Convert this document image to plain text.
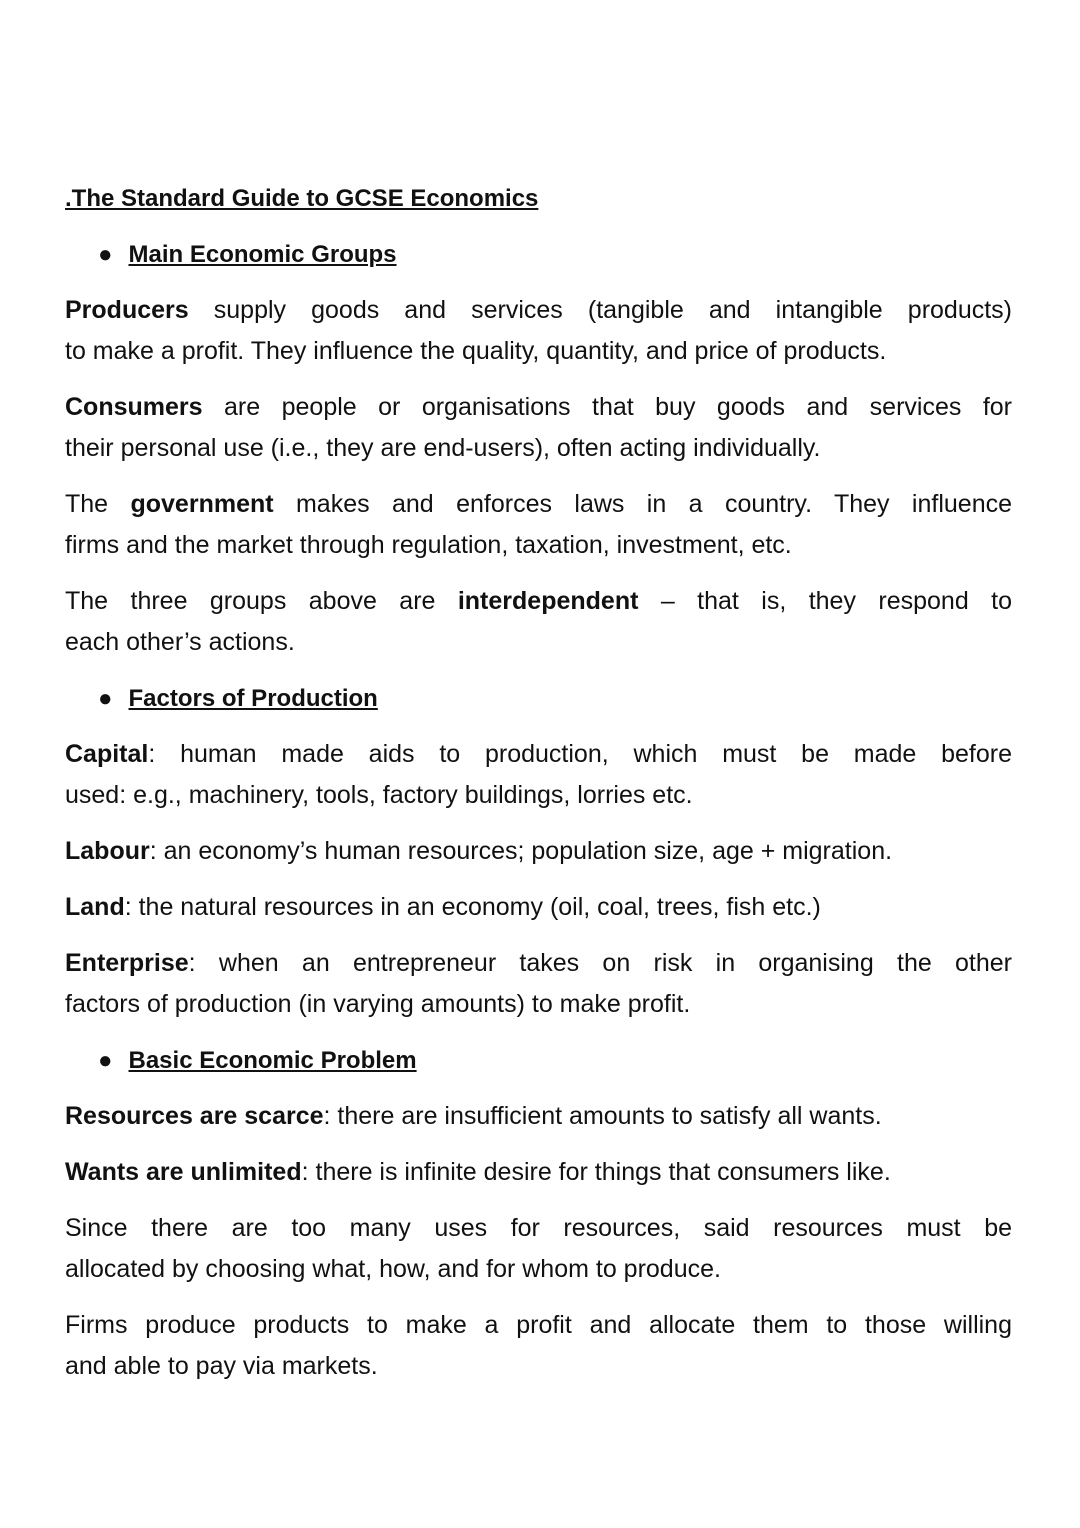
.The Standard Guide to GCSE Economics
● Main Economic Groups
Producers supply goods and services (tangible and intangible products)
to make a profit. They influence the quality, quantity, and price of products.
Consumers are people or organisations that buy goods and services for
their personal use (i.e., they are end-users), often acting individually.
The government makes and enforces laws in a country. They influence
firms and the market through regulation, taxation, investment, etc.
The three groups above are interdependent – that is, they respond to
each other’s actions.
● Factors of Production
Capital: human made aids to production, which must be made before
used: e.g., machinery, tools, factory buildings, lorries etc.
Labour: an economy’s human resources; population size, age + migration.
Land: the natural resources in an economy (oil, coal, trees, fish etc.)
Enterprise: when an entrepreneur takes on risk in organising the other
factors of production (in varying amounts) to make profit.
● Basic Economic Problem
Resources are scarce: there are insufficient amounts to satisfy all wants.
Wants are unlimited: there is infinite desire for things that consumers like.
Since there are too many uses for resources, said resources must be
allocated by choosing what, how, and for whom to produce.
Firms produce products to make a profit and allocate them to those willing
and able to pay via markets.
